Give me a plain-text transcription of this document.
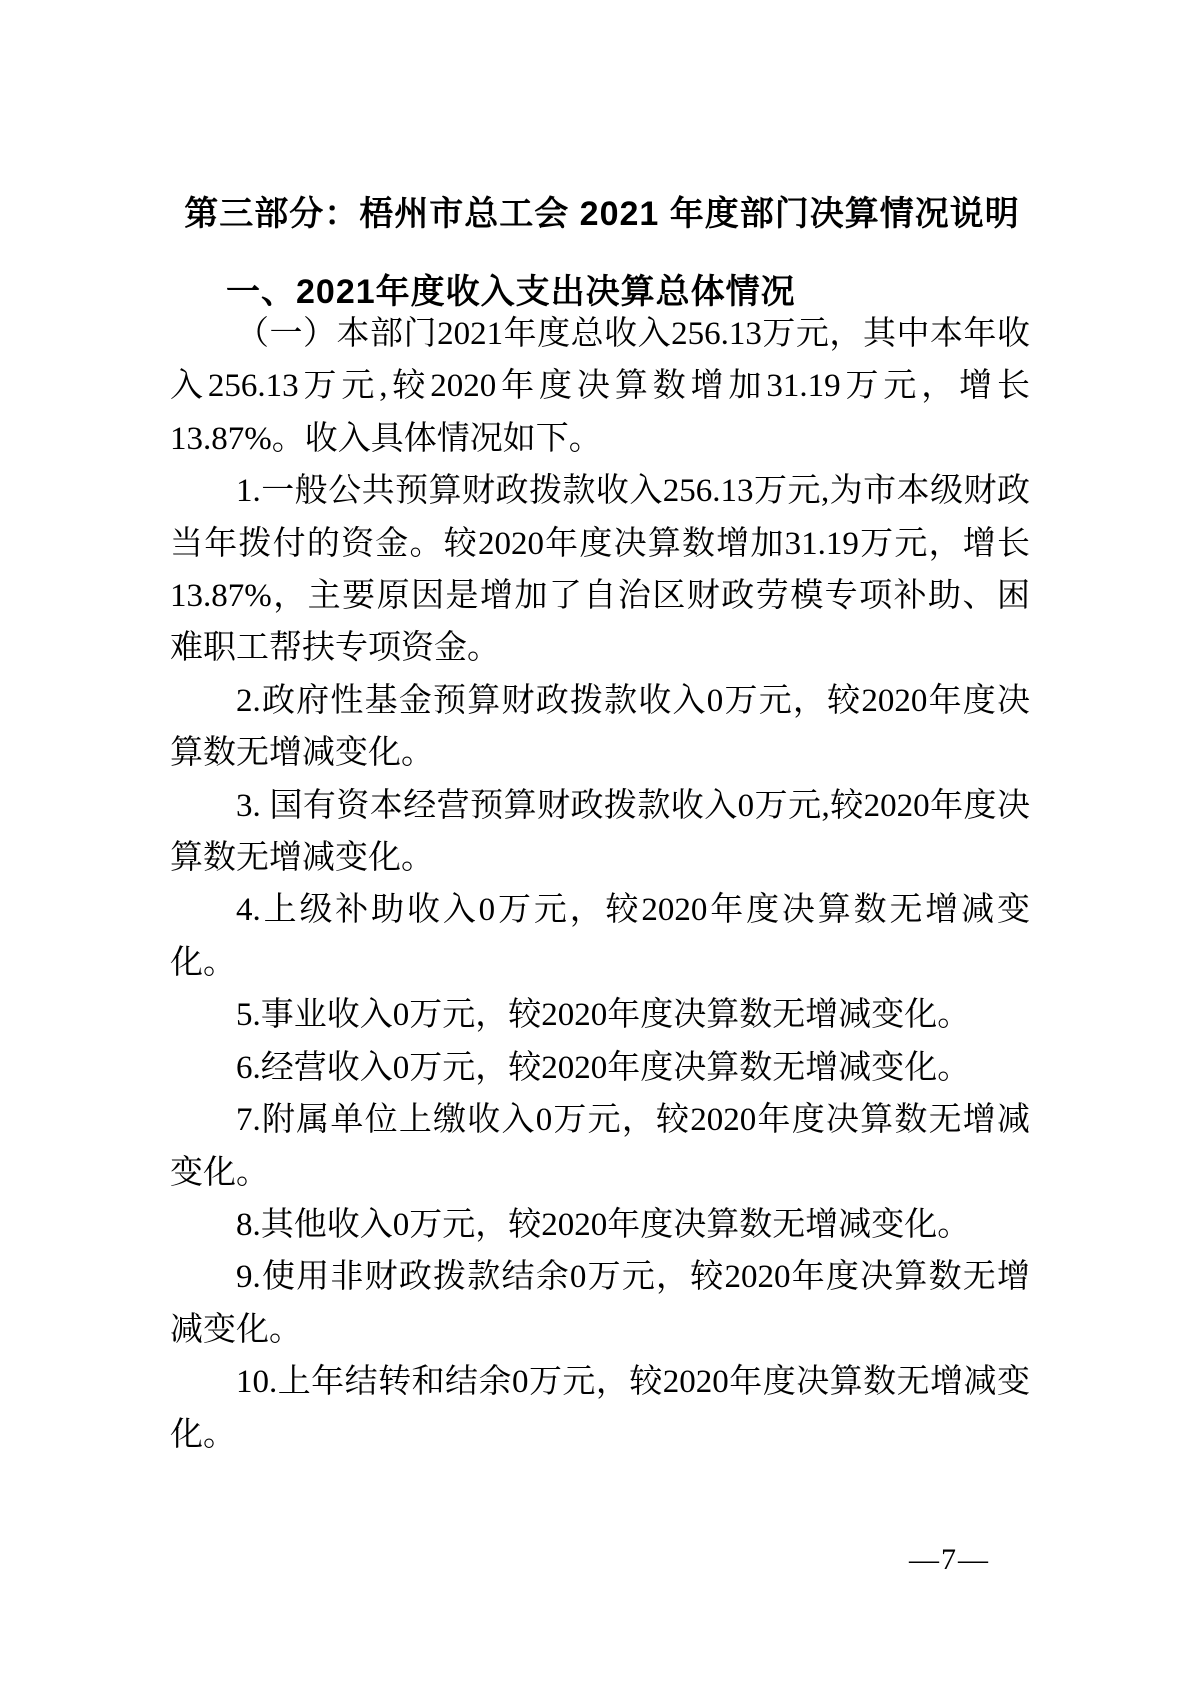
第三部分：梧州市总工会 2021 年度部门决算情况说明
一、2021年度收入支出决算总体情况

（一）本部门2021年度总收入256.13万元，其中本年收入256.13万元,较2020年度决算数增加31.19万元，增长13.87%。收入具体情况如下。

1.一般公共预算财政拨款收入256.13万元,为市本级财政当年拨付的资金。较2020年度决算数增加31.19万元，增长13.87%，主要原因是增加了自治区财政劳模专项补助、困难职工帮扶专项资金。

2.政府性基金预算财政拨款收入0万元，较2020年度决算数无增减变化。

3. 国有资本经营预算财政拨款收入0万元,较2020年度决算数无增减变化。

4.上级补助收入0万元，较2020年度决算数无增减变化。

5.事业收入0万元，较2020年度决算数无增减变化。

6.经营收入0万元，较2020年度决算数无增减变化。

7.附属单位上缴收入0万元，较2020年度决算数无增减变化。

8.其他收入0万元，较2020年度决算数无增减变化。

9.使用非财政拨款结余0万元，较2020年度决算数无增减变化。

10.上年结转和结余0万元，较2020年度决算数无增减变化。

—7—
